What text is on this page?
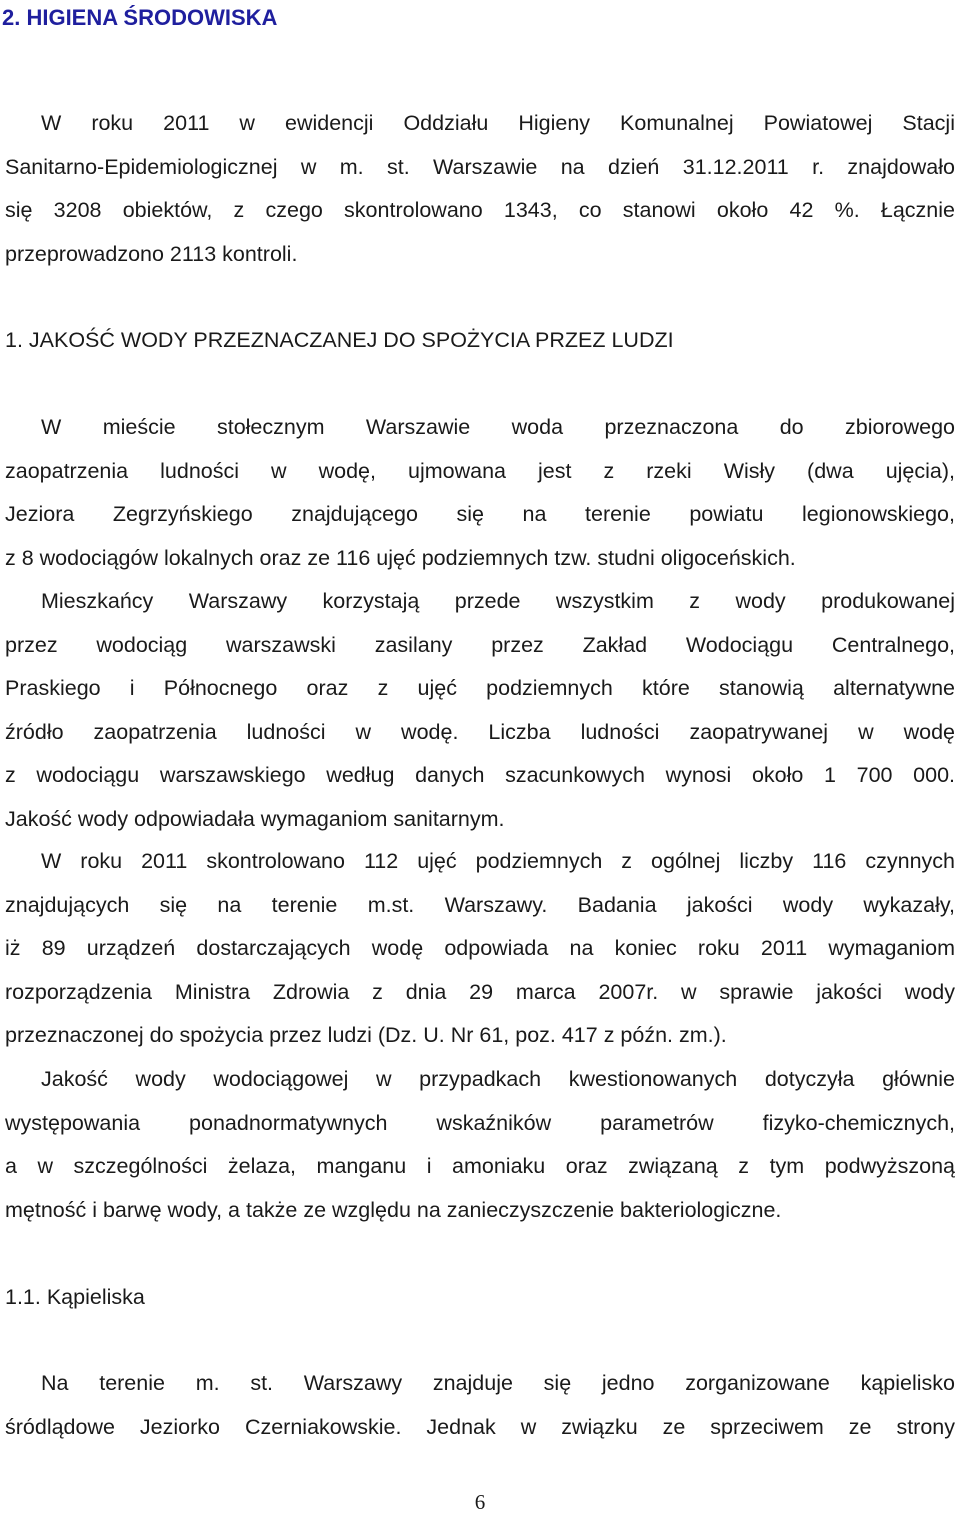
2. HIGIENA ŚRODOWISKA
W roku 2011 w ewidencji Oddziału Higieny Komunalnej Powiatowej Stacji
Sanitarno-Epidemiologicznej w m. st. Warszawie na dzień 31.12.2011 r. znajdowało
się 3208 obiektów, z czego skontrolowano 1343, co stanowi około 42 %. Łącznie
przeprowadzono 2113 kontroli.
1. JAKOŚĆ WODY PRZEZNACZANEJ DO SPOŻYCIA PRZEZ LUDZI
W mieście stołecznym Warszawie woda przeznaczona do zbiorowego
zaopatrzenia ludności w wodę, ujmowana jest z rzeki Wisły (dwa ujęcia),
Jeziora Zegrzyńskiego znajdującego się na terenie powiatu legionowskiego,
z 8 wodociągów lokalnych oraz ze 116 ujęć podziemnych tzw. studni oligoceńskich.
Mieszkańcy Warszawy korzystają przede wszystkim z wody produkowanej
przez wodociąg warszawski zasilany przez Zakład Wodociągu Centralnego,
Praskiego i Północnego oraz z ujęć podziemnych które stanowią alternatywne
źródło zaopatrzenia ludności w wodę. Liczba ludności zaopatrywanej w wodę
z wodociągu warszawskiego według danych szacunkowych wynosi około 1 700 000.
Jakość wody odpowiadała wymaganiom sanitarnym.
W roku 2011 skontrolowano 112 ujęć podziemnych z ogólnej liczby 116 czynnych
znajdujących się na terenie m.st. Warszawy. Badania jakości wody wykazały,
iż 89 urządzeń dostarczających wodę odpowiada na koniec roku 2011 wymaganiom
rozporządzenia Ministra Zdrowia z dnia 29 marca 2007r. w sprawie jakości wody
przeznaczonej do spożycia przez ludzi (Dz. U. Nr 61, poz. 417 z późn. zm.).
Jakość wody wodociągowej w przypadkach kwestionowanych dotyczyła głównie
występowania ponadnormatywnych wskaźników parametrów fizyko-chemicznych,
a w szczególności żelaza, manganu i amoniaku oraz związaną z tym podwyższoną
mętność i barwę wody, a także ze względu na zanieczyszczenie bakteriologiczne.
1.1. Kąpieliska
Na terenie m. st. Warszawy znajduje się jedno zorganizowane kąpielisko
śródlądowe Jeziorko Czerniakowskie. Jednak w związku ze sprzeciwem ze strony
6
